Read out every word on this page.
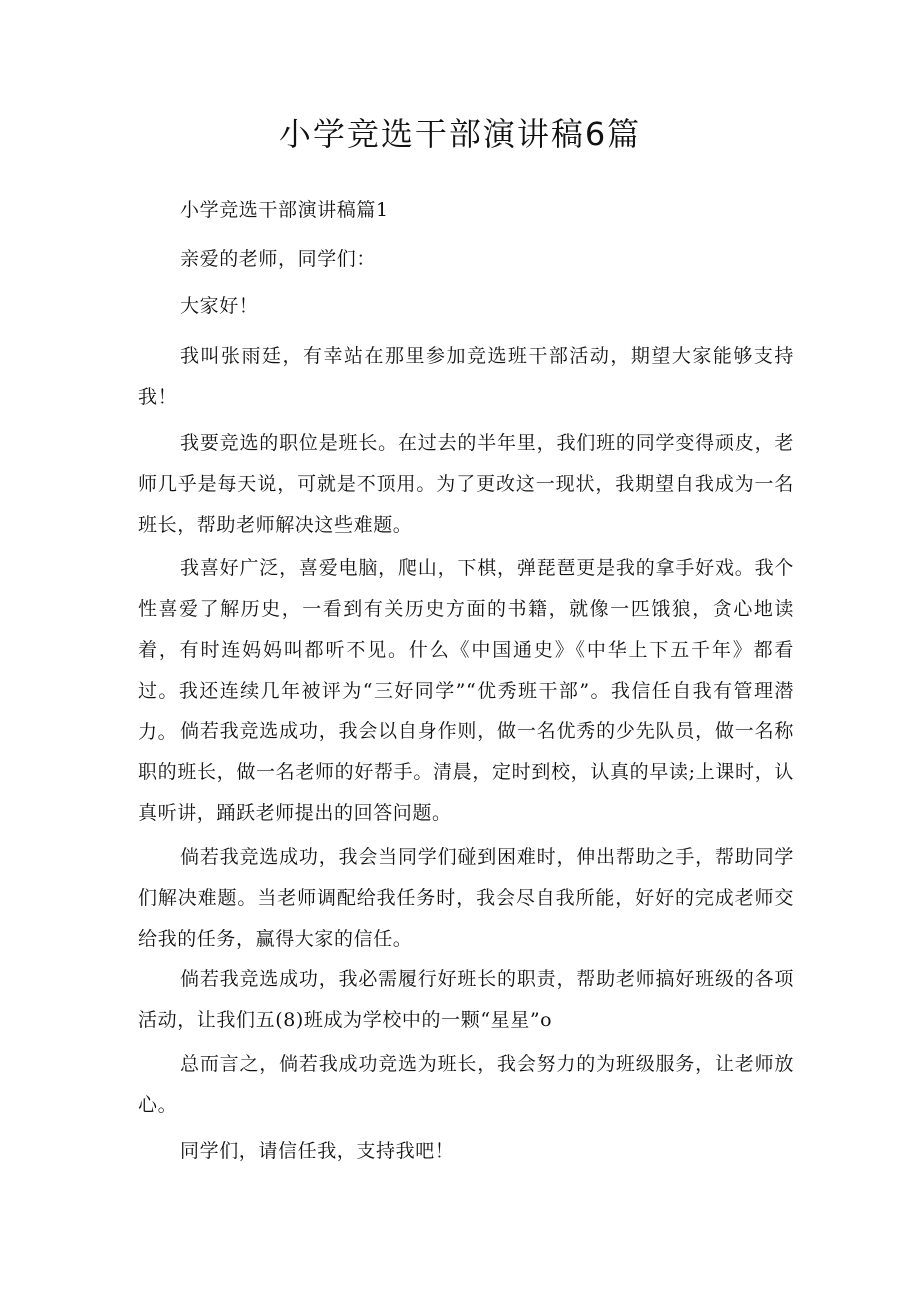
小学竞选干部演讲稿6篇

小学竞选干部演讲稿篇1

亲爱的老师，同学们：

大家好！

我叫张雨廷，有幸站在那里参加竞选班干部活动，期望大家能够支持我！

我要竞选的职位是班长。在过去的半年里，我们班的同学变得顽皮，老师几乎是每天说，可就是不顶用。为了更改这一现状，我期望自我成为一名班长，帮助老师解决这些难题。

我喜好广泛，喜爱电脑，爬山，下棋，弹琵琶更是我的拿手好戏。我个性喜爱了解历史，一看到有关历史方面的书籍，就像一匹饿狼，贪心地读着，有时连妈妈叫都听不见。什么《中国通史》《中华上下五千年》都看过。我还连续几年被评为“三好同学”“优秀班干部”。我信任自我有管理潜力。 倘若我竞选成功，我会以自身作则，做一名优秀的少先队员，做一名称职的班长，做一名老师的好帮手。清晨，定时到校，认真的早读;上课时，认真听讲，踊跃老师提出的回答问题。

倘若我竞选成功，我会当同学们碰到困难时，伸出帮助之手，帮助同学们解决难题。当老师调配给我任务时，我会尽自我所能，好好的完成老师交给我的任务，赢得大家的信任。

倘若我竞选成功，我必需履行好班长的职责，帮助老师搞好班级的各项活动，让我们五(8)班成为学校中的一颗“星星”o

总而言之，倘若我成功竞选为班长，我会努力的为班级服务，让老师放心。

同学们，请信任我，支持我吧！
